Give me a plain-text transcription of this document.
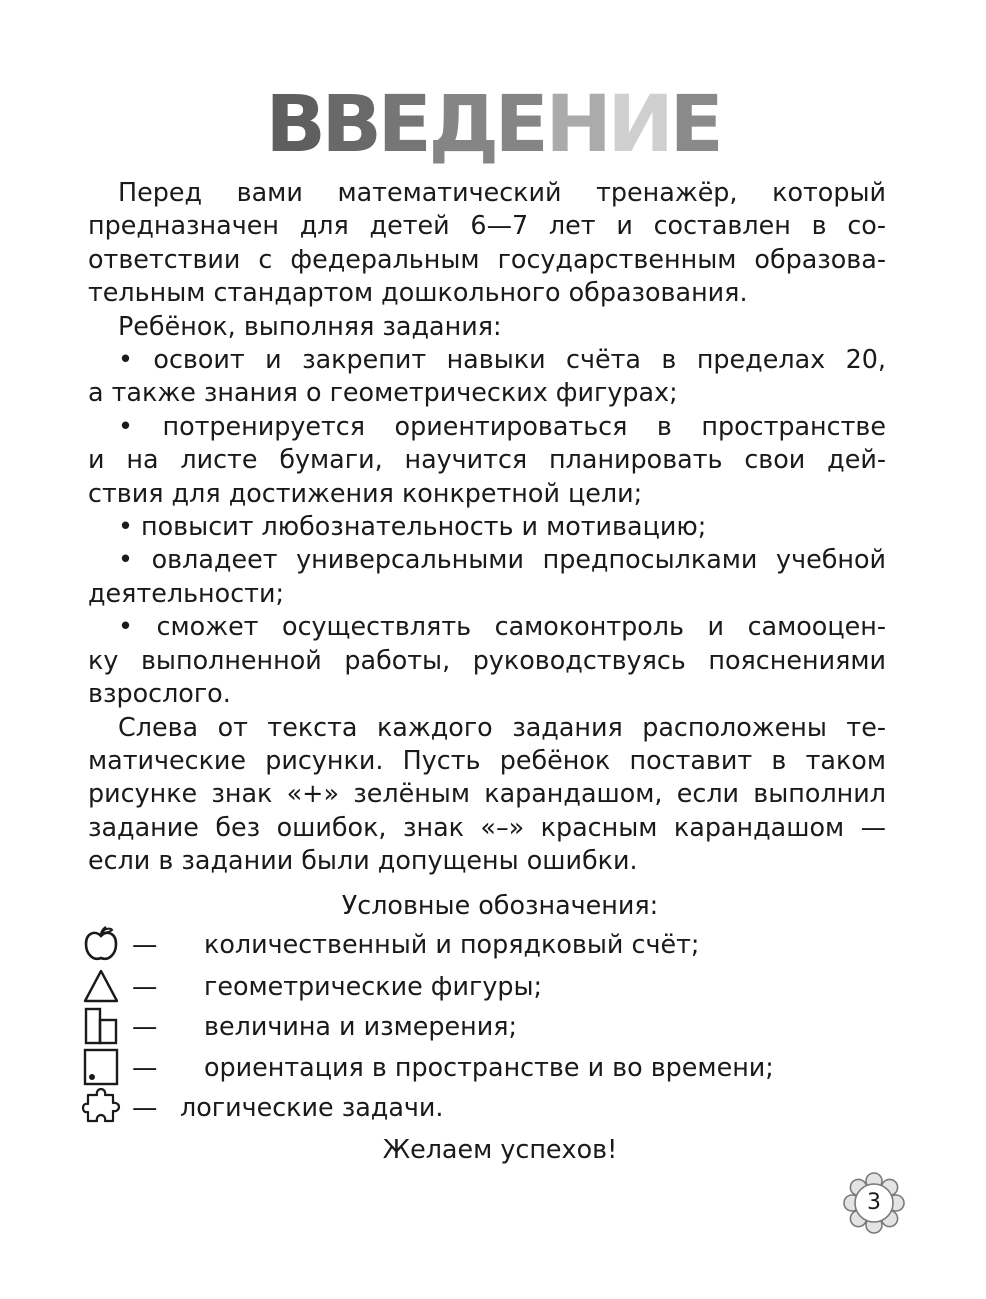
ВВЕДЕНИЕ
Перед вами математический тренажёр, который
предназначен для детей 6—7 лет и составлен в со-
ответствии с федеральным государственным образова-
тельным стандартом дошкольного образования.
Ребёнок, выполняя задания:
• освоит и закрепит навыки счёта в пределах 20,
а также знания о геометрических фигурах;
• потренируется ориентироваться в пространстве
и на листе бумаги, научится планировать свои дей-
ствия для достижения конкретной цели;
• повысит любознательность и мотивацию;
• овладеет универсальными предпосылками учебной
деятельности;
• сможет осуществлять самоконтроль и самооцен-
ку выполненной работы, руководствуясь пояснениями
взрослого.
Слева от текста каждого задания расположены те-
матические рисунки. Пусть ребёнок поставит в таком
рисунке знак «+» зелёным карандашом, если выполнил
задание без ошибок, знак «–» красным карандашом —
если в задании были допущены ошибки.
Условные обозначения:
—	количественный и порядковый счёт;
—	геометрические фигуры;
—	величина и измерения;
—	ориентация в пространстве и во времени;
— логические задачи.
Желаем успехов!
3
